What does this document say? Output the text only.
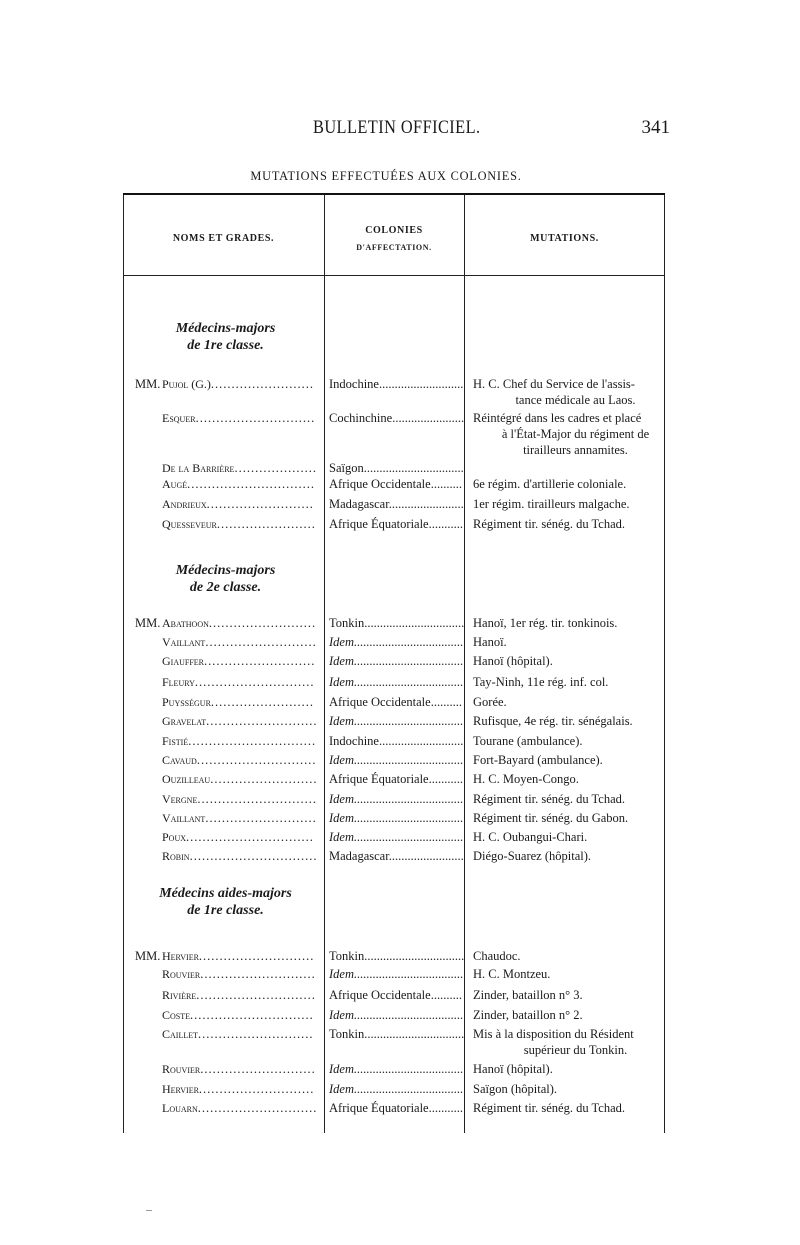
BULLETIN OFFICIEL.	341
MUTATIONS EFFECTUÉES AUX COLONIES.
NOMS ET GRADES.
COLONIES
D'AFFECTATION.
MUTATIONS.
Médecins-majors
de 1re classe.
MM. Pujol (G.)......................... Indochine........................... H. C. Chef du Service de l'assis-

tance médicale au Laos.
Esquer............................. Cochinchine....................... Réintégré dans les cadres et placé

à l'État-Major du régiment de
tirailleurs annamites.
De la Barrière.................... Saïgon................................
Augé............................... Afrique Occidentale.......... 6e régim. d'artillerie coloniale.
Andrieux.......................... Madagascar........................ 1er régim. tirailleurs malgache.
Quesseveur........................ Afrique Équatoriale........... Régiment tir. sénég. du Tchad.
Médecins-majors
de 2e classe.
MM. Abathoon.......................... Tonkin................................ Hanoï, 1er rég. tir. tonkinois.
Vaillant........................... Idem................................... Hanoï.
Giauffer........................... Idem................................... Hanoï (hôpital).
Fleury............................. Idem................................... Tay-Ninh, 11e rég. inf. col.
Puysségur......................... Afrique Occidentale.......... Gorée.
Gravelat........................... Idem................................... Rufisque, 4e rég. tir. sénégalais.
Fistié............................... Indochine........................... Tourane (ambulance).
Cavaud............................. Idem................................... Fort-Bayard (ambulance).
Ouzilleau.......................... Afrique Équatoriale........... H. C. Moyen-Congo.
Vergne............................. Idem................................... Régiment tir. sénég. du Tchad.
Vaillant........................... Idem................................... Régiment tir. sénég. du Gabon.
Poux............................... Idem................................... H. C. Oubangui-Chari.
Robin............................... Madagascar........................ Diégo-Suarez (hôpital).
Médecins aides-majors
de 1re classe.
MM. Hervier............................ Tonkin................................ Chaudoc.
Rouvier............................ Idem................................... H. C. Montzeu.
Rivière............................. Afrique Occidentale.......... Zinder, bataillon n° 3.
Coste.............................. Idem................................... Zinder, bataillon n° 2.
Caillet............................ Tonkin................................ Mis à la disposition du Résident

supérieur du Tonkin.
Rouvier............................ Idem................................... Hanoï (hôpital).
Hervier............................ Idem................................... Saïgon (hôpital).
Louarn............................. Afrique Équatoriale........... Régiment tir. sénég. du Tchad.
